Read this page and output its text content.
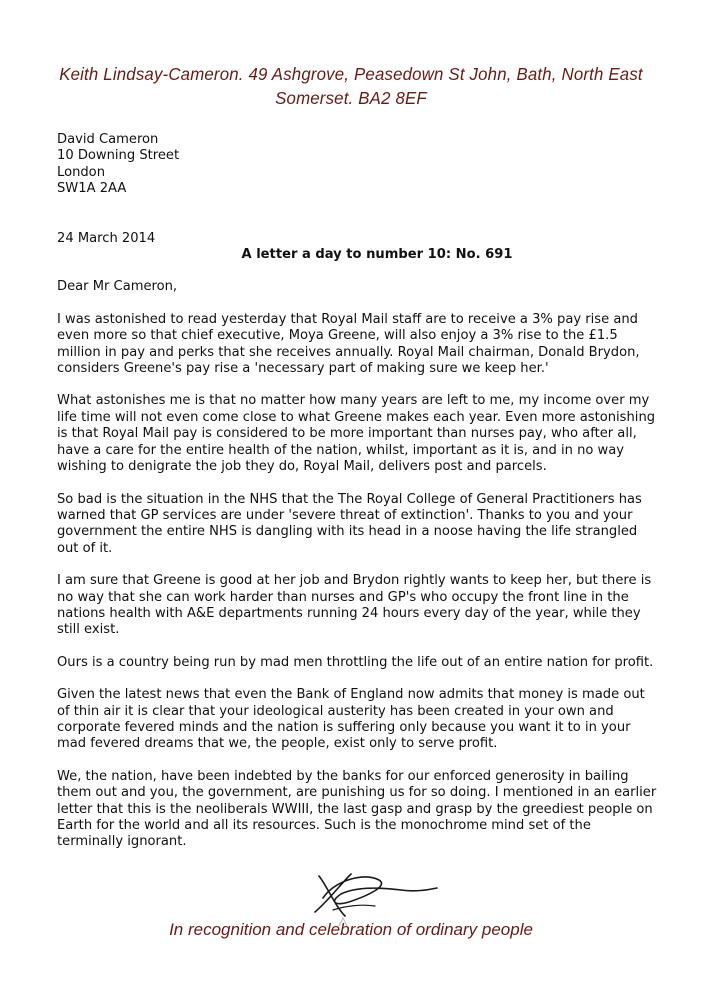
Keith Lindsay-Cameron. 49 Ashgrove, Peasedown St John, Bath, North East
Somerset. BA2 8EF
David Cameron
10 Downing Street
London
SW1A 2AA
24 March 2014
A letter a day to number 10: No. 691
Dear Mr Cameron,

I was astonished to read yesterday that Royal Mail staff are to receive a 3% pay rise and even more so that chief executive, Moya Greene, will also enjoy a 3% rise to the £1.5 million in pay and perks that she receives annually. Royal Mail chairman, Donald Brydon, considers Greene's pay rise a 'necessary part of making sure we keep her.'

What astonishes me is that no matter how many years are left to me, my income over my life time will not even come close to what Greene makes each year. Even more astonishing is that Royal Mail pay is considered to be more important than nurses pay, who after all, have a care for the entire health of the nation, whilst, important as it is, and in no way wishing to denigrate the job they do, Royal Mail, delivers post and parcels.

So bad is the situation in the NHS that the The Royal College of General Practitioners has warned that GP services are under 'severe threat of extinction'. Thanks to you and your government the entire NHS is dangling with its head in a noose having the life strangled out of it.

I am sure that Greene is good at her job and Brydon rightly wants to keep her, but there is no way that she can work harder than nurses and GP's who occupy the front line in the nations health with A&E departments running 24 hours every day of the year, while they still exist.

Ours is a country being run by mad men throttling the life out of an entire nation for profit.

Given the latest news that even the Bank of England now admits that money is made out of thin air it is clear that your ideological austerity has been created in your own and corporate fevered minds and the nation is suffering only because you want it to in your mad fevered dreams that we, the people, exist only to serve profit.

We, the nation, have been indebted by the banks for our enforced generosity in bailing them out and you, the government, are punishing us for so doing. I mentioned in an earlier letter that this is the neoliberals WWIII, the last gasp and grasp by the greediest people on Earth for the world and all its resources. Such is the monochrome mind set of the terminally ignorant.

In recognition and celebration of ordinary people
